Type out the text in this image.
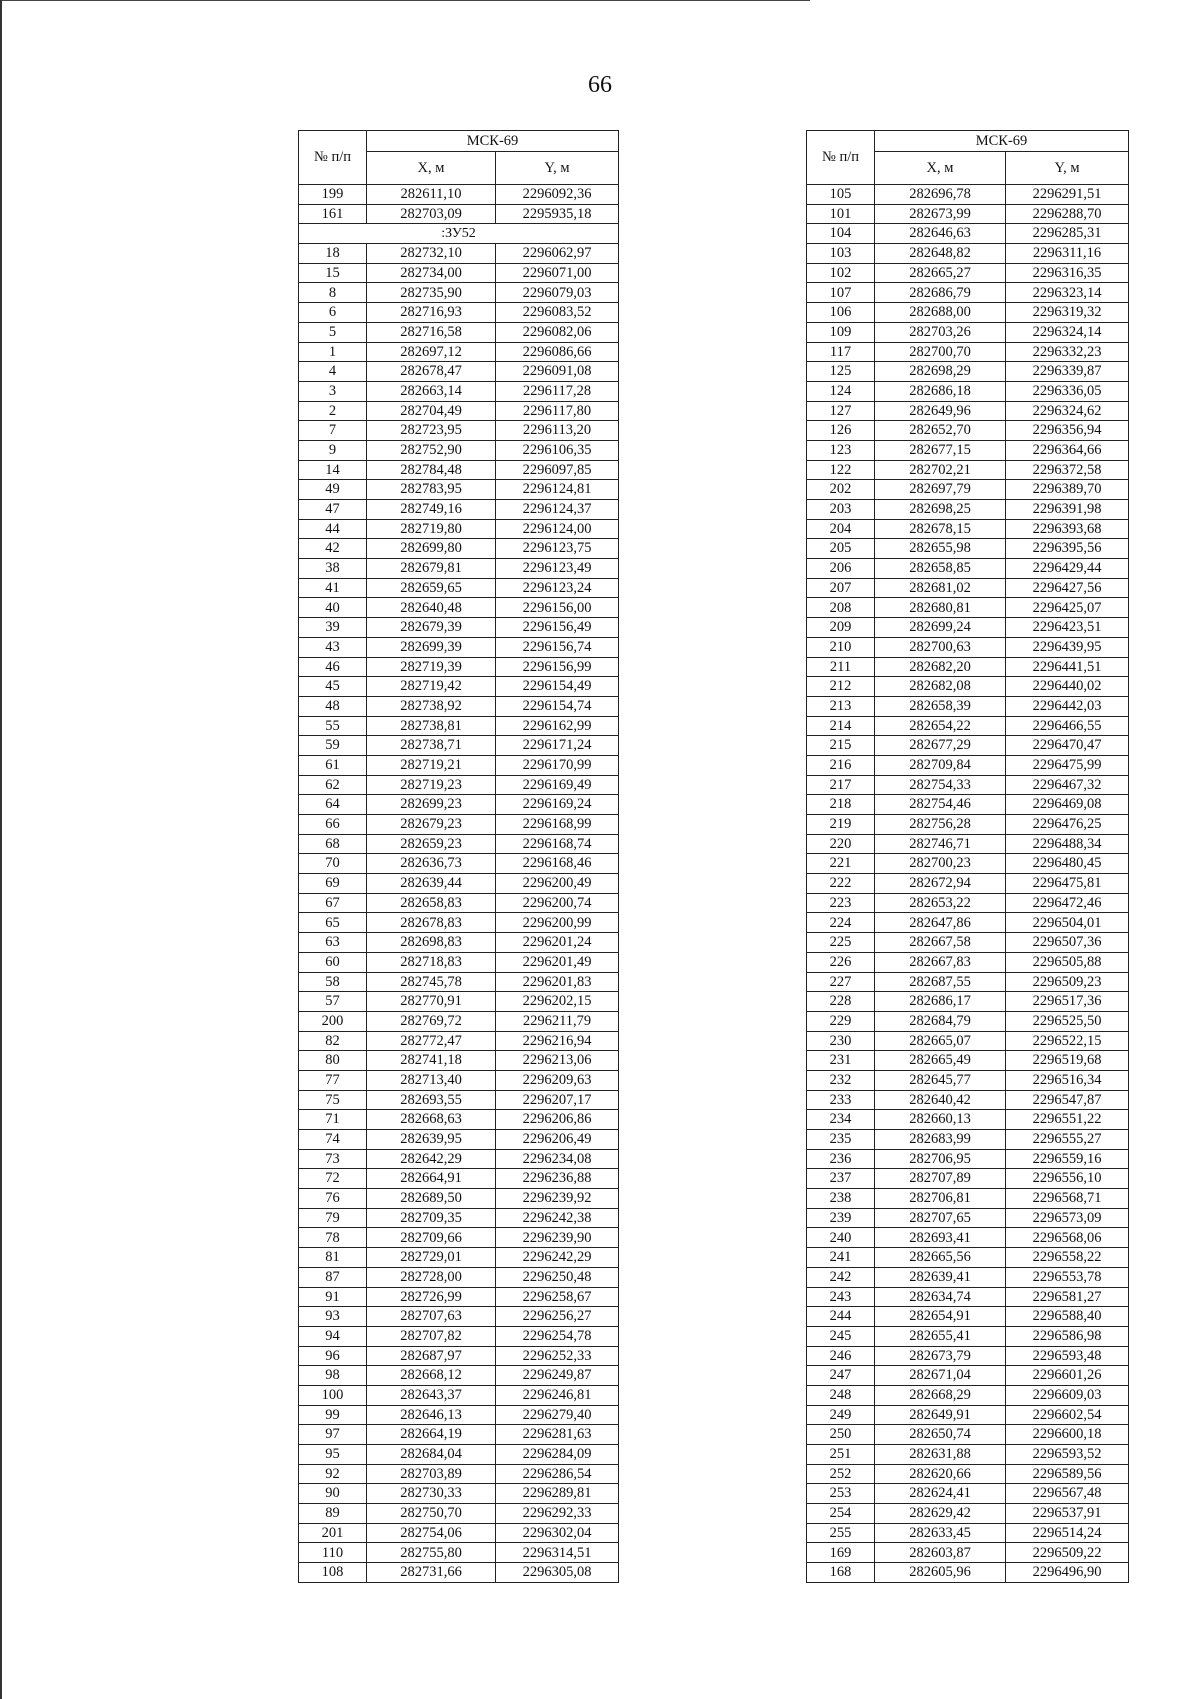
66
№ п/п	МСК-69	
	X, м	Y, м
199	282611,10	2296092,36
161	282703,09	2295935,18
:ЗУ52		
18	282732,10	2296062,97
15	282734,00	2296071,00
8	282735,90	2296079,03
6	282716,93	2296083,52
5	282716,58	2296082,06
1	282697,12	2296086,66
4	282678,47	2296091,08
3	282663,14	2296117,28
2	282704,49	2296117,80
7	282723,95	2296113,20
9	282752,90	2296106,35
14	282784,48	2296097,85
49	282783,95	2296124,81
47	282749,16	2296124,37
44	282719,80	2296124,00
42	282699,80	2296123,75
38	282679,81	2296123,49
41	282659,65	2296123,24
40	282640,48	2296156,00
39	282679,39	2296156,49
43	282699,39	2296156,74
46	282719,39	2296156,99
45	282719,42	2296154,49
48	282738,92	2296154,74
55	282738,81	2296162,99
59	282738,71	2296171,24
61	282719,21	2296170,99
62	282719,23	2296169,49
64	282699,23	2296169,24
66	282679,23	2296168,99
68	282659,23	2296168,74
70	282636,73	2296168,46
69	282639,44	2296200,49
67	282658,83	2296200,74
65	282678,83	2296200,99
63	282698,83	2296201,24
60	282718,83	2296201,49
58	282745,78	2296201,83
57	282770,91	2296202,15
200	282769,72	2296211,79
82	282772,47	2296216,94
80	282741,18	2296213,06
77	282713,40	2296209,63
75	282693,55	2296207,17
71	282668,63	2296206,86
74	282639,95	2296206,49
73	282642,29	2296234,08
72	282664,91	2296236,88
76	282689,50	2296239,92
79	282709,35	2296242,38
78	282709,66	2296239,90
81	282729,01	2296242,29
87	282728,00	2296250,48
91	282726,99	2296258,67
93	282707,63	2296256,27
94	282707,82	2296254,78
96	282687,97	2296252,33
98	282668,12	2296249,87
100	282643,37	2296246,81
99	282646,13	2296279,40
97	282664,19	2296281,63
95	282684,04	2296284,09
92	282703,89	2296286,54
90	282730,33	2296289,81
89	282750,70	2296292,33
201	282754,06	2296302,04
110	282755,80	2296314,51
108	282731,66	2296305,08
№ п/п	МСК-69	
	X, м	Y, м
105	282696,78	2296291,51
101	282673,99	2296288,70
104	282646,63	2296285,31
103	282648,82	2296311,16
102	282665,27	2296316,35
107	282686,79	2296323,14
106	282688,00	2296319,32
109	282703,26	2296324,14
117	282700,70	2296332,23
125	282698,29	2296339,87
124	282686,18	2296336,05
127	282649,96	2296324,62
126	282652,70	2296356,94
123	282677,15	2296364,66
122	282702,21	2296372,58
202	282697,79	2296389,70
203	282698,25	2296391,98
204	282678,15	2296393,68
205	282655,98	2296395,56
206	282658,85	2296429,44
207	282681,02	2296427,56
208	282680,81	2296425,07
209	282699,24	2296423,51
210	282700,63	2296439,95
211	282682,20	2296441,51
212	282682,08	2296440,02
213	282658,39	2296442,03
214	282654,22	2296466,55
215	282677,29	2296470,47
216	282709,84	2296475,99
217	282754,33	2296467,32
218	282754,46	2296469,08
219	282756,28	2296476,25
220	282746,71	2296488,34
221	282700,23	2296480,45
222	282672,94	2296475,81
223	282653,22	2296472,46
224	282647,86	2296504,01
225	282667,58	2296507,36
226	282667,83	2296505,88
227	282687,55	2296509,23
228	282686,17	2296517,36
229	282684,79	2296525,50
230	282665,07	2296522,15
231	282665,49	2296519,68
232	282645,77	2296516,34
233	282640,42	2296547,87
234	282660,13	2296551,22
235	282683,99	2296555,27
236	282706,95	2296559,16
237	282707,89	2296556,10
238	282706,81	2296568,71
239	282707,65	2296573,09
240	282693,41	2296568,06
241	282665,56	2296558,22
242	282639,41	2296553,78
243	282634,74	2296581,27
244	282654,91	2296588,40
245	282655,41	2296586,98
246	282673,79	2296593,48
247	282671,04	2296601,26
248	282668,29	2296609,03
249	282649,91	2296602,54
250	282650,74	2296600,18
251	282631,88	2296593,52
252	282620,66	2296589,56
253	282624,41	2296567,48
254	282629,42	2296537,91
255	282633,45	2296514,24
169	282603,87	2296509,22
168	282605,96	2296496,90
